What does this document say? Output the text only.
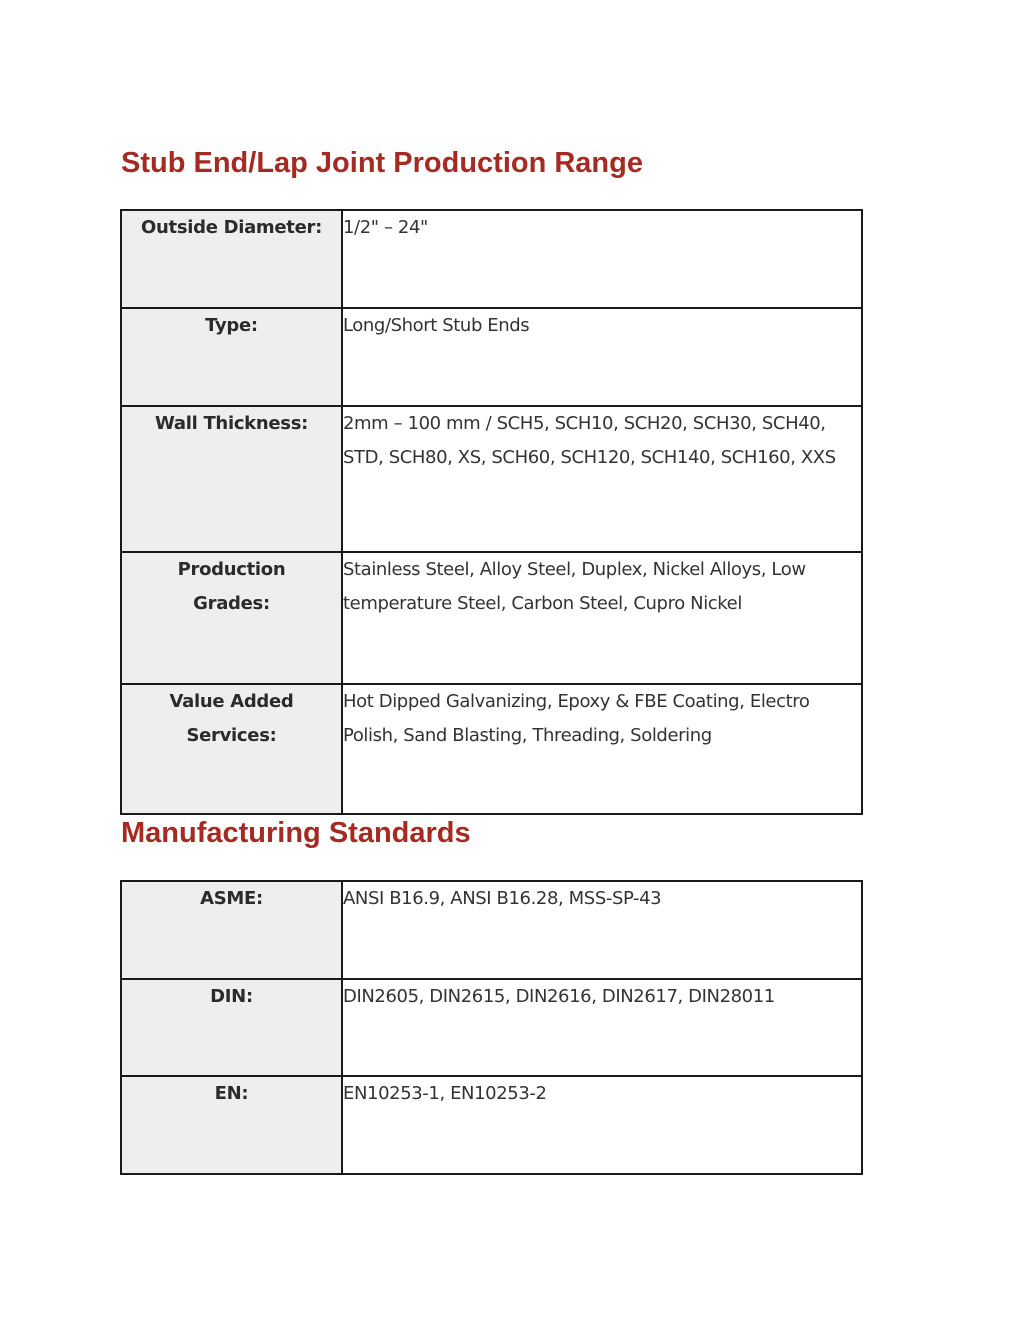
Stub End/Lap Joint Production Range
Outside Diameter:	1/2" – 24"

Type:	Long/Short Stub Ends

Wall Thickness:	2mm – 100 mm / SCH5, SCH10, SCH20, SCH30, SCH40, STD, SCH80, XS, SCH60, SCH120, SCH140, SCH160, XXS

Production Grades:	Stainless Steel, Alloy Steel, Duplex, Nickel Alloys, Low temperature Steel, Carbon Steel, Cupro Nickel

Value Added Services:	Hot Dipped Galvanizing, Epoxy & FBE Coating, Electro Polish, Sand Blasting, Threading, Soldering
Manufacturing Standards
ASME:	ANSI B16.9, ANSI B16.28, MSS-SP-43

DIN:	DIN2605, DIN2615, DIN2616, DIN2617, DIN28011

EN:	EN10253-1, EN10253-2
